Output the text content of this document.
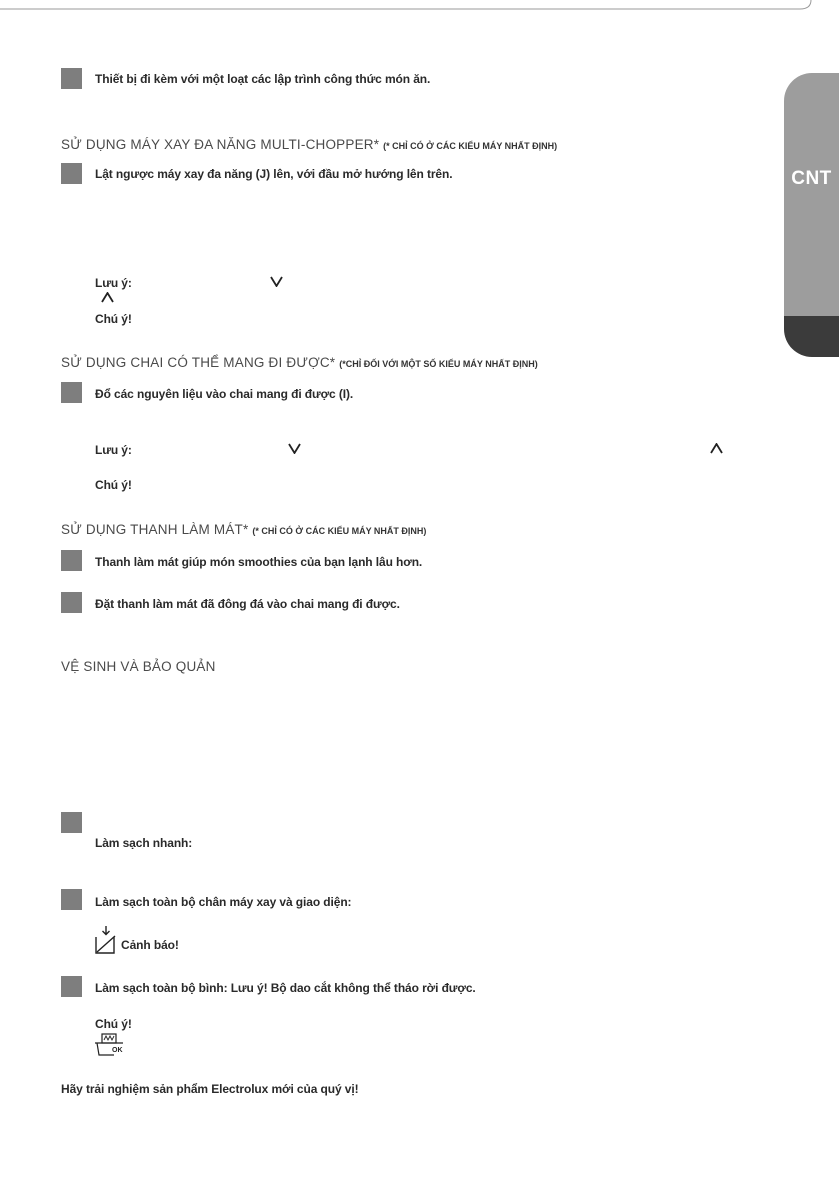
CNT
Thiết bị đi kèm với một loạt các lập trình công thức món ăn.
SỬ DỤNG MÁY XAY ĐA NĂNG MULTI-CHOPPER* (* CHỈ CÓ Ở CÁC KIỂU MÁY NHẤT ĐỊNH)
Lật ngược máy xay đa năng (J) lên, với đầu mở hướng lên trên.
Lưu ý:
Chú ý!
SỬ DỤNG CHAI CÓ THỂ MANG ĐI ĐƯỢC* (*CHỈ ĐỐI VỚI MỘT SỐ KIỂU MÁY NHẤT ĐỊNH)
Đổ các nguyên liệu vào chai mang đi được (I).
Lưu ý:
Chú ý!
SỬ DỤNG THANH LÀM MÁT* (* CHỈ CÓ Ở CÁC KIỂU MÁY NHẤT ĐỊNH)
Thanh làm mát giúp món smoothies của bạn lạnh lâu hơn.
Đặt thanh làm mát đã đông đá vào chai mang đi được.
VỆ SINH VÀ BẢO QUẢN
Làm sạch nhanh:
Làm sạch toàn bộ chân máy xay và giao diện:
Cảnh báo!
Làm sạch toàn bộ bình: Lưu ý! Bộ dao cắt không thể tháo rời được.
Chú ý!
OK
Hãy trải nghiệm sản phẩm Electrolux mới của quý vị!
